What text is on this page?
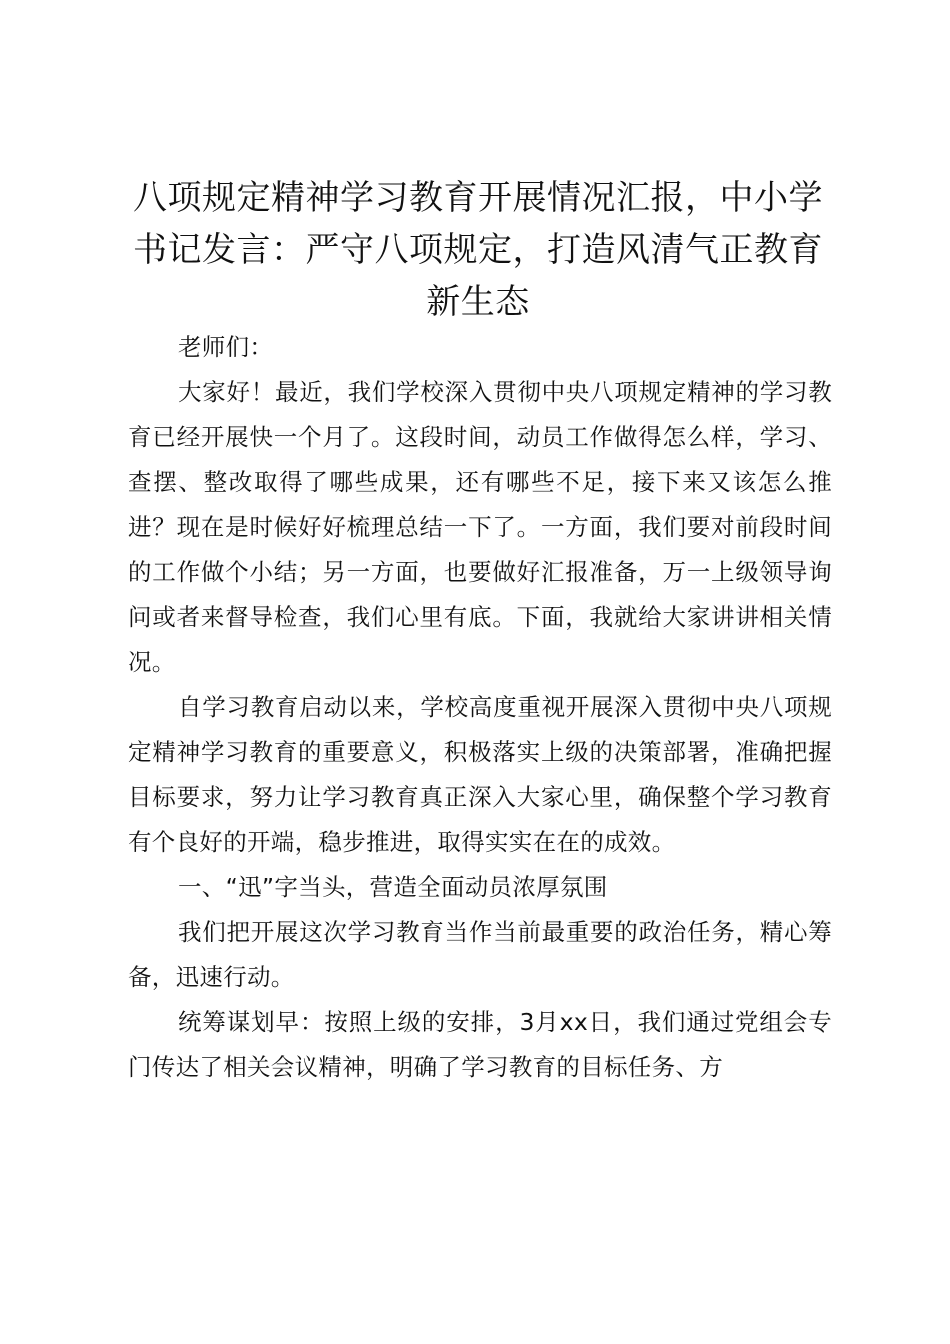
八项规定精神学习教育开展情况汇报，中小学书记发言：严守八项规定，打造风清气正教育新生态

老师们：

大家好！最近，我们学校深入贯彻中央八项规定精神的学习教育已经开展快一个月了。这段时间，动员工作做得怎么样，学习、查摆、整改取得了哪些成果，还有哪些不足，接下来又该怎么推进？现在是时候好好梳理总结一下了。一方面，我们要对前段时间的工作做个小结；另一方面，也要做好汇报准备，万一上级领导询问或者来督导检查，我们心里有底。下面，我就给大家讲讲相关情况。

自学习教育启动以来，学校高度重视开展深入贯彻中央八项规定精神学习教育的重要意义，积极落实上级的决策部署，准确把握目标要求，努力让学习教育真正深入大家心里，确保整个学习教育有个良好的开端，稳步推进，取得实实在在的成效。

一、“迅”字当头，营造全面动员浓厚氛围

我们把开展这次学习教育当作当前最重要的政治任务，精心筹备，迅速行动。

统筹谋划早：按照上级的安排，3月xx日，我们通过党组会专门传达了相关会议精神，明确了学习教育的目标任务、方
